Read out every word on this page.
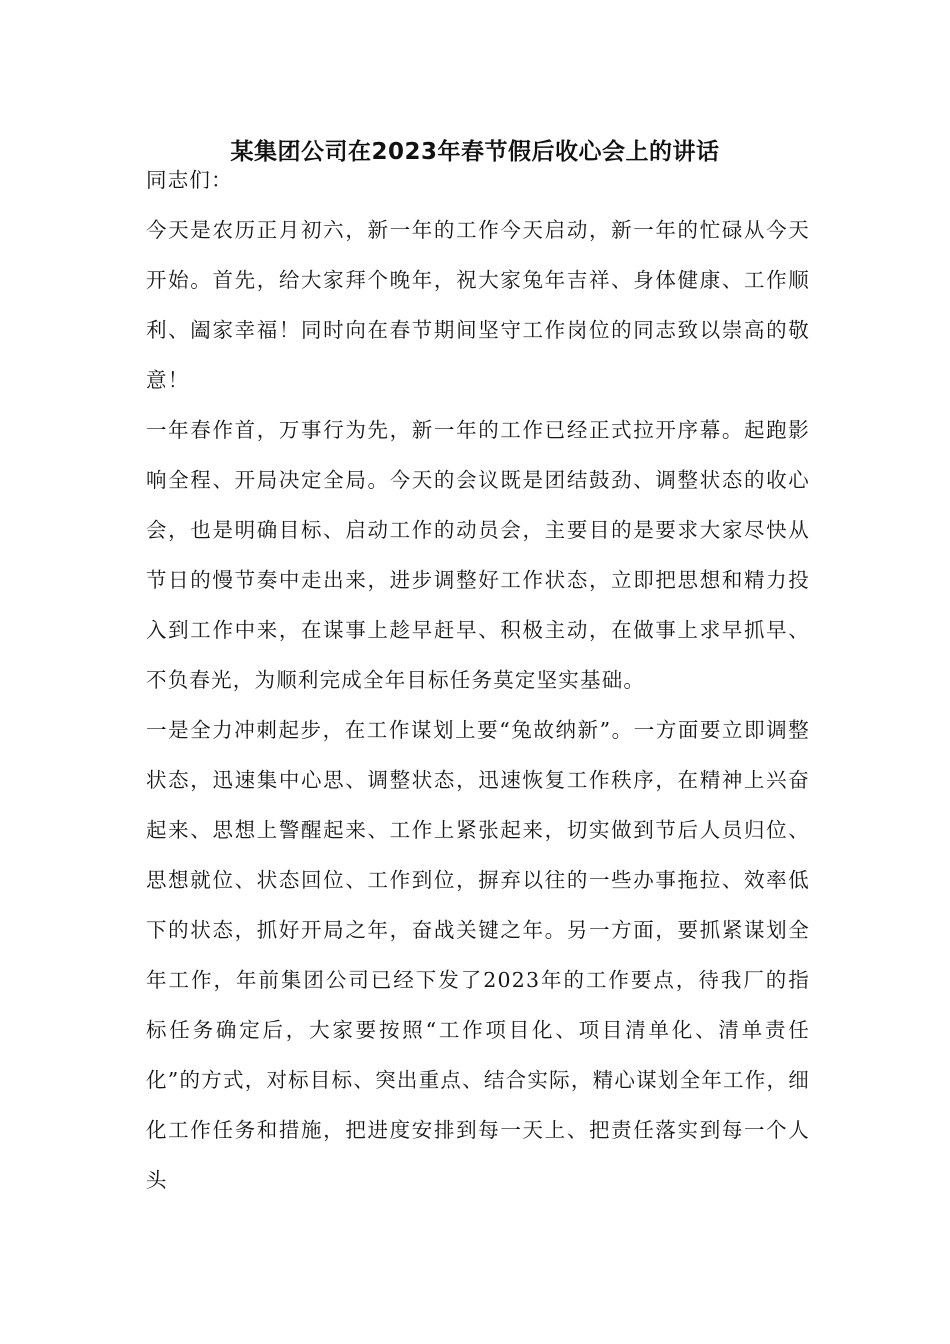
某集团公司在2023年春节假后收心会上的讲话

同志们：

今天是农历正月初六，新一年的工作今天启动，新一年的忙碌从今天开始。首先，给大家拜个晚年，祝大家兔年吉祥、身体健康、工作顺利、阖家幸福！同时向在春节期间坚守工作岗位的同志致以崇高的敬意！

一年春作首，万事行为先，新一年的工作已经正式拉开序幕。起跑影响全程、开局决定全局。今天的会议既是团结鼓劲、调整状态的收心会，也是明确目标、启动工作的动员会，主要目的是要求大家尽快从节日的慢节奏中走出来，进步调整好工作状态，立即把思想和精力投入到工作中来，在谋事上趁早赶早、积极主动，在做事上求早抓早、不负春光，为顺利完成全年目标任务莫定坚实基础。

一是全力冲刺起步，在工作谋划上要“兔故纳新”。一方面要立即调整状态，迅速集中心思、调整状态，迅速恢复工作秩序，在精神上兴奋起来、思想上警醒起来、工作上紧张起来，切实做到节后人员归位、思想就位、状态回位、工作到位，摒弃以往的一些办事拖拉、效率低下的状态，抓好开局之年，奋战关键之年。另一方面，要抓紧谋划全年工作，年前集团公司已经下发了2023年的工作要点，待我厂的指标任务确定后，大家要按照“工作项目化、项目清单化、清单责任化”的方式，对标目标、突出重点、结合实际，精心谋划全年工作，细化工作任务和措施，把进度安排到每一天上、把责任落实到每一个人头
